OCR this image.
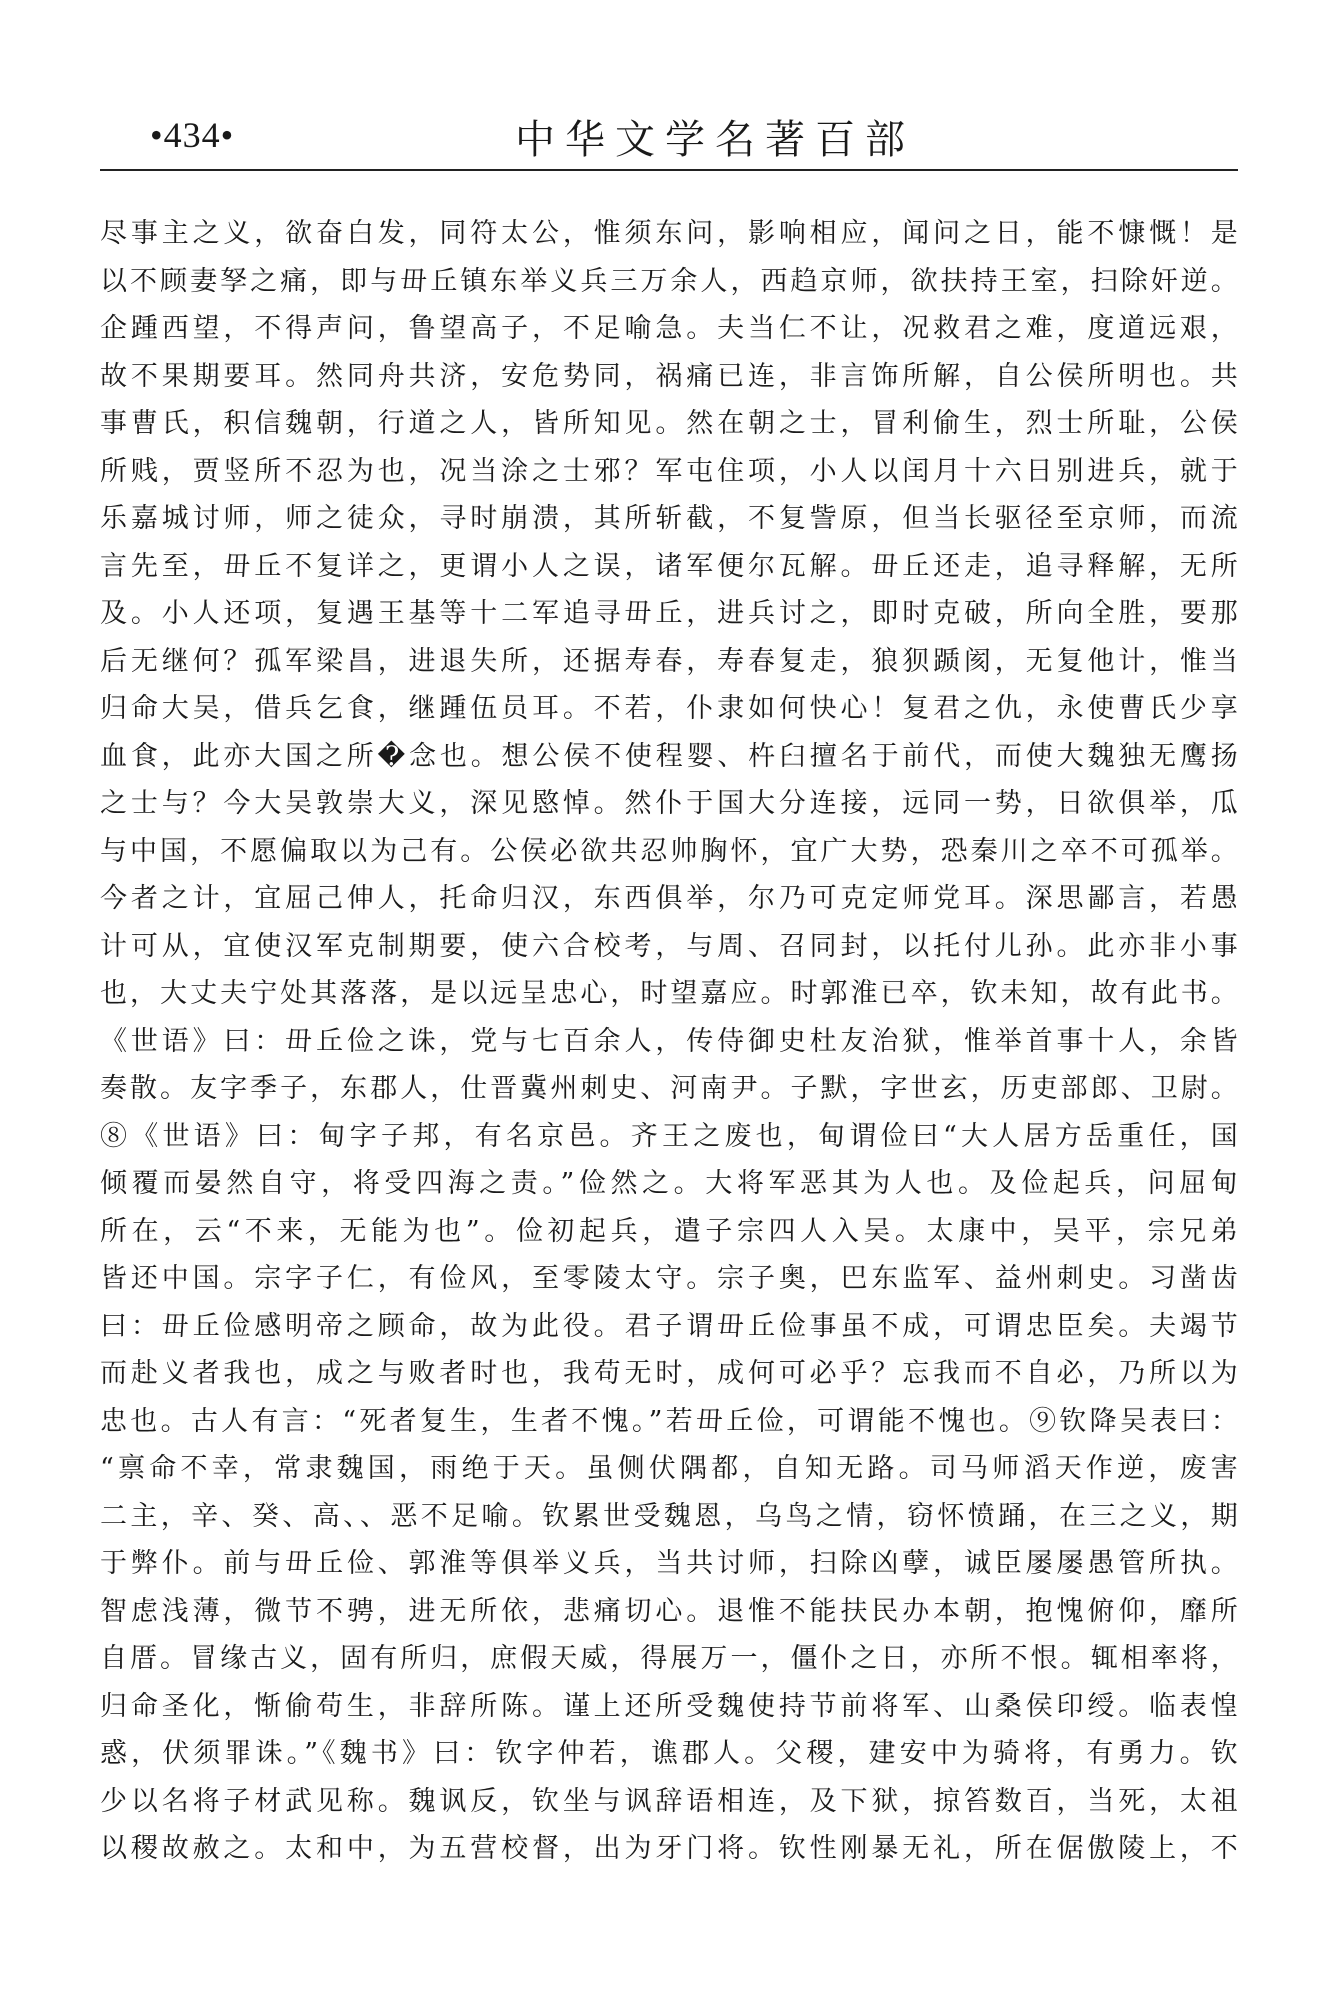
•434•	中华文学名著百部
尽事主之义，欲奋白发，同符太公，惟须东问，影响相应，闻问之日，能不慷慨！是
以不顾妻孥之痛，即与毌丘镇东举义兵三万余人，西趋京师，欲扶持王室，扫除奸逆。
企踵西望，不得声问，鲁望高子，不足喻急。夫当仁不让，况救君之难，度道远艰，
故不果期要耳。然同舟共济，安危势同，祸痛已连，非言饰所解，自公侯所明也。共
事曹氏，积信魏朝，行道之人，皆所知见。然在朝之士，冒利偷生，烈士所耻，公侯
所贱，贾竖所不忍为也，况当涂之士邪？军屯住项，小人以闰月十六日别进兵，就于
乐嘉城讨师，师之徒众，寻时崩溃，其所斩截，不复訾原，但当长驱径至京师，而流
言先至，毌丘不复详之，更谓小人之误，诸军便尔瓦解。毌丘还走，追寻释解，无所
及。小人还项，复遇王基等十二军追寻毌丘，进兵讨之，即时克破，所向全胜，要那
后无继何？孤军梁昌，进退失所，还据寿春，寿春复走，狼狈踬阂，无复他计，惟当
归命大吴，借兵乞食，继踵伍员耳。不若，仆隶如何快心！复君之仇，永使曹氏少享
血食，此亦大国之所�念也。想公侯不使程婴、杵臼擅名于前代，而使大魏独无鹰扬
之士与？今大吴敦崇大义，深见愍悼。然仆于国大分连接，远同一势，日欲俱举，瓜
与中国，不愿偏取以为己有。公侯必欲共忍帅胸怀，宜广大势，恐秦川之卒不可孤举。
今者之计，宜屈己伸人，托命归汉，东西俱举，尔乃可克定师党耳。深思鄙言，若愚
计可从，宜使汉军克制期要，使六合校考，与周、召同封，以托付儿孙。此亦非小事
也，大丈夫宁处其落落，是以远呈忠心，时望嘉应。时郭淮已卒，钦未知，故有此书。
《世语》曰：毌丘俭之诛，党与七百余人，传侍御史杜友治狱，惟举首事十人，余皆
奏散。友字季子，东郡人，仕晋冀州刺史、河南尹。子默，字世玄，历吏部郎、卫尉。
⑧《世语》曰：甸字子邦，有名京邑。齐王之废也，甸谓俭曰“大人居方岳重任，国
倾覆而晏然自守，将受四海之责。”俭然之。大将军恶其为人也。及俭起兵，问屈甸
所在，云“不来，无能为也”。俭初起兵，遣子宗四人入吴。太康中，吴平，宗兄弟
皆还中国。宗字子仁，有俭风，至零陵太守。宗子奥，巴东监军、益州刺史。习凿齿
曰：毌丘俭感明帝之顾命，故为此役。君子谓毌丘俭事虽不成，可谓忠臣矣。夫竭节
而赴义者我也，成之与败者时也，我苟无时，成何可必乎？忘我而不自必，乃所以为
忠也。古人有言：“死者复生，生者不愧。”若毌丘俭，可谓能不愧也。⑨钦降吴表曰：
“禀命不幸，常隶魏国，雨绝于天。虽侧伏隅都，自知无路。司马师滔天作逆，废害
二主，辛、癸、高、、恶不足喻。钦累世受魏恩，乌鸟之情，窃怀愤踊，在三之义，期
于弊仆。前与毌丘俭、郭淮等俱举义兵，当共讨师，扫除凶孽，诚臣屡屡愚管所执。
智虑浅薄，微节不骋，进无所依，悲痛切心。退惟不能扶民办本朝，抱愧俯仰，靡所
自厝。冒缘古义，固有所归，庶假天威，得展万一，僵仆之日，亦所不恨。辄相率将，
归命圣化，惭偷苟生，非辞所陈。谨上还所受魏使持节前将军、山桑侯印绶。临表惶
惑，伏须罪诛。”《魏书》曰：钦字仲若，谯郡人。父稷，建安中为骑将，有勇力。钦
少以名将子材武见称。魏讽反，钦坐与讽辞语相连，及下狱，掠笞数百，当死，太祖
以稷故赦之。太和中，为五营校督，出为牙门将。钦性刚暴无礼，所在倨傲陵上，不
